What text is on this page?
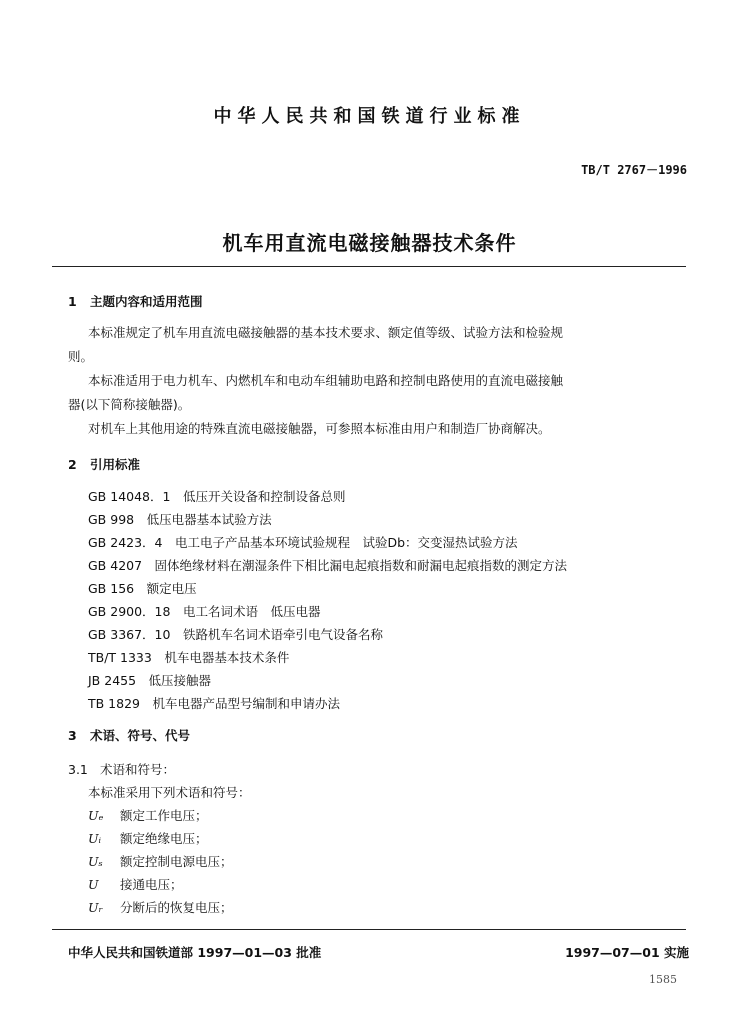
中华人民共和国铁道行业标准
TB/T 2767－1996
机车用直流电磁接触器技术条件
1 主题内容和适用范围
本标准规定了机车用直流电磁接触器的基本技术要求、额定值等级、试验方法和检验规
则。
本标准适用于电力机车、内燃机车和电动车组辅助电路和控制电路使用的直流电磁接触
器(以下简称接触器)。
对机车上其他用途的特殊直流电磁接触器，可参照本标准由用户和制造厂协商解决。
2 引用标准
GB 14048．1　低压开关设备和控制设备总则
GB 998　低压电器基本试验方法
GB 2423．4　电工电子产品基本环境试验规程　试验Db：交变湿热试验方法
GB 4207　固体绝缘材料在潮湿条件下相比漏电起痕指数和耐漏电起痕指数的测定方法
GB 156　额定电压
GB 2900．18　电工名词术语　低压电器
GB 3367．10　铁路机车名词术语牵引电气设备名称
TB/T 1333　机车电器基本技术条件
JB 2455　低压接触器
TB 1829　机车电器产品型号编制和申请办法
3 术语、符号、代号
3.1 术语和符号：
本标准采用下列术语和符号：
Uₑ 额定工作电压；
Uᵢ 额定绝缘电压；
Uₛ 额定控制电源电压；
U 接通电压；
Uᵣ 分断后的恢复电压；
中华人民共和国铁道部 1997—01—03 批准	1997—07—01 实施
1585
